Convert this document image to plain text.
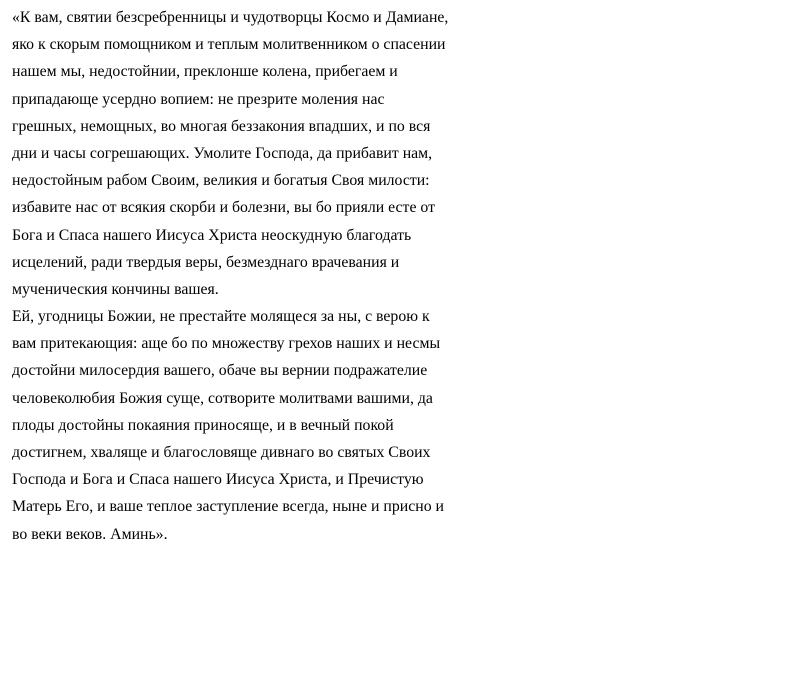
«К вам, святии безсребренницы и чудотворцы Космо и Дамиане,
яко к скорым помощником и теплым молитвенником о спасении
нашем мы, недостойнии, преклонше колена, прибегаем и
припадающе усердно вопием: не презрите моления нас
грешных, немощных, во многая беззакония впадших, и по вся
дни и часы согрешающих. Умолите Господа, да прибавит нам,
недостойным рабом Своим, великия и богатыя Своя милости:
избавите нас от всякия скорби и болезни, вы бо прияли есте от
Бога и Спаса нашего Иисуса Христа неоскудную благодать
исцелений, ради твердыя веры, безмезднаго врачевания и
мученическия кончины вашея.
Ей, угодницы Божии, не престайте молящеся за ны, с верою к
вам притекающия: аще бо по множеству грехов наших и несмы
достойни милосердия вашего, обаче вы вернии подражателие
человеколюбия Божия суще, сотворите молитвами вашими, да
плоды достойны покаяния приносяще, и в вечный покой
достигнем, хваляще и благословяще дивнаго во святых Своих
Господа и Бога и Спаса нашего Иисуса Христа, и Пречистую
Матерь Его, и ваше теплое заступление всегда, ныне и присно и
во веки веков. Аминь».
